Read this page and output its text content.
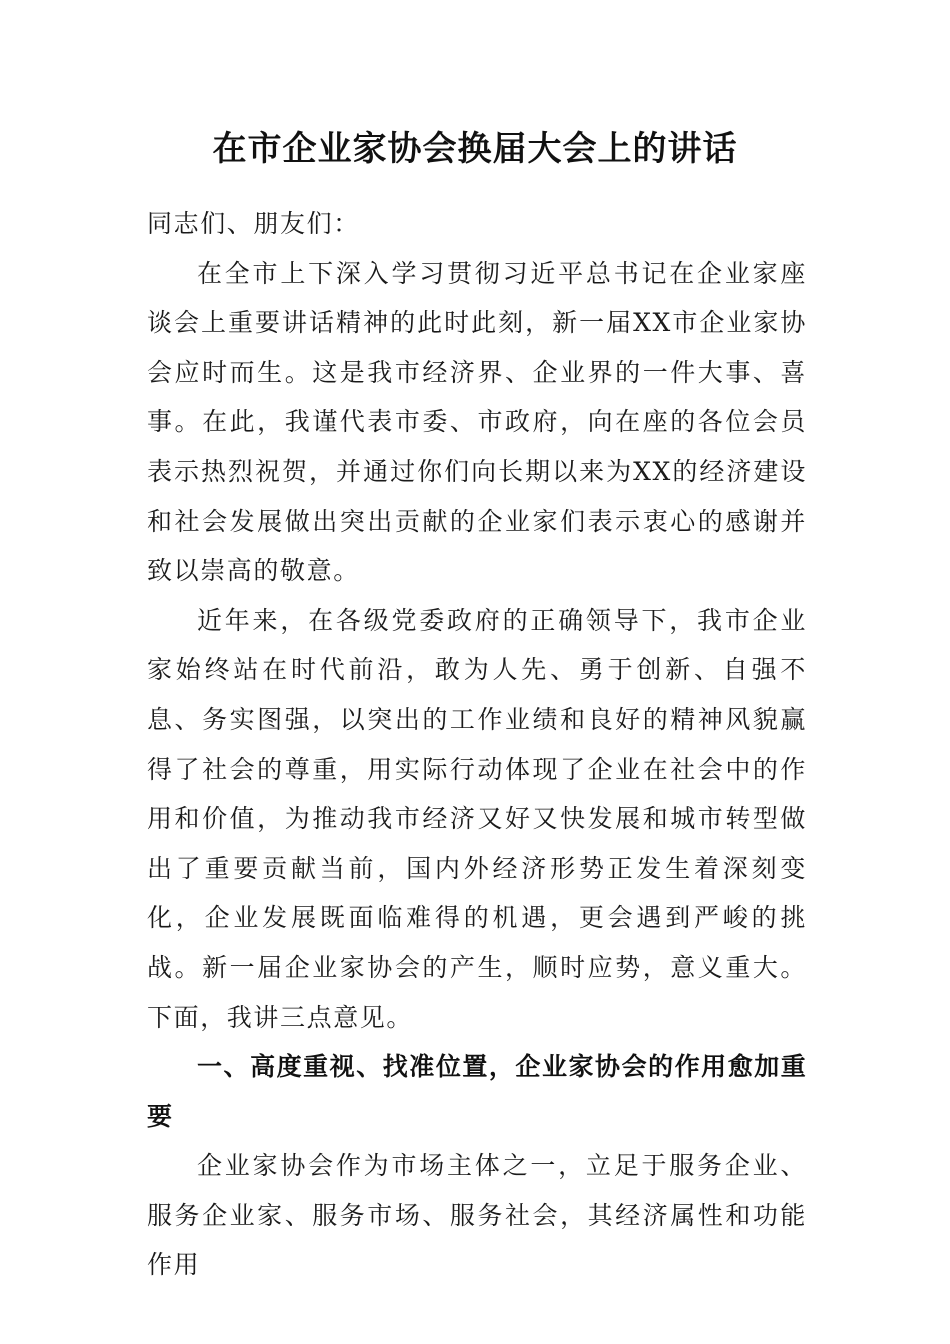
在市企业家协会换届大会上的讲话

同志们、朋友们：

在全市上下深入学习贯彻习近平总书记在企业家座谈会上重要讲话精神的此时此刻，新一届XX市企业家协会应时而生。这是我市经济界、企业界的一件大事、喜事。在此，我谨代表市委、市政府，向在座的各位会员表示热烈祝贺，并通过你们向长期以来为XX的经济建设和社会发展做出突出贡献的企业家们表示衷心的感谢并致以崇高的敬意。

近年来，在各级党委政府的正确领导下，我市企业家始终站在时代前沿，敢为人先、勇于创新、自强不息、务实图强，以突出的工作业绩和良好的精神风貌赢得了社会的尊重，用实际行动体现了企业在社会中的作用和价值，为推动我市经济又好又快发展和城市转型做出了重要贡献当前，国内外经济形势正发生着深刻变化，企业发展既面临难得的机遇，更会遇到严峻的挑战。新一届企业家协会的产生，顺时应势，意义重大。下面，我讲三点意见。

一、高度重视、找准位置，企业家协会的作用愈加重要

企业家协会作为市场主体之一，立足于服务企业、服务企业家、服务市场、服务社会，其经济属性和功能作用
